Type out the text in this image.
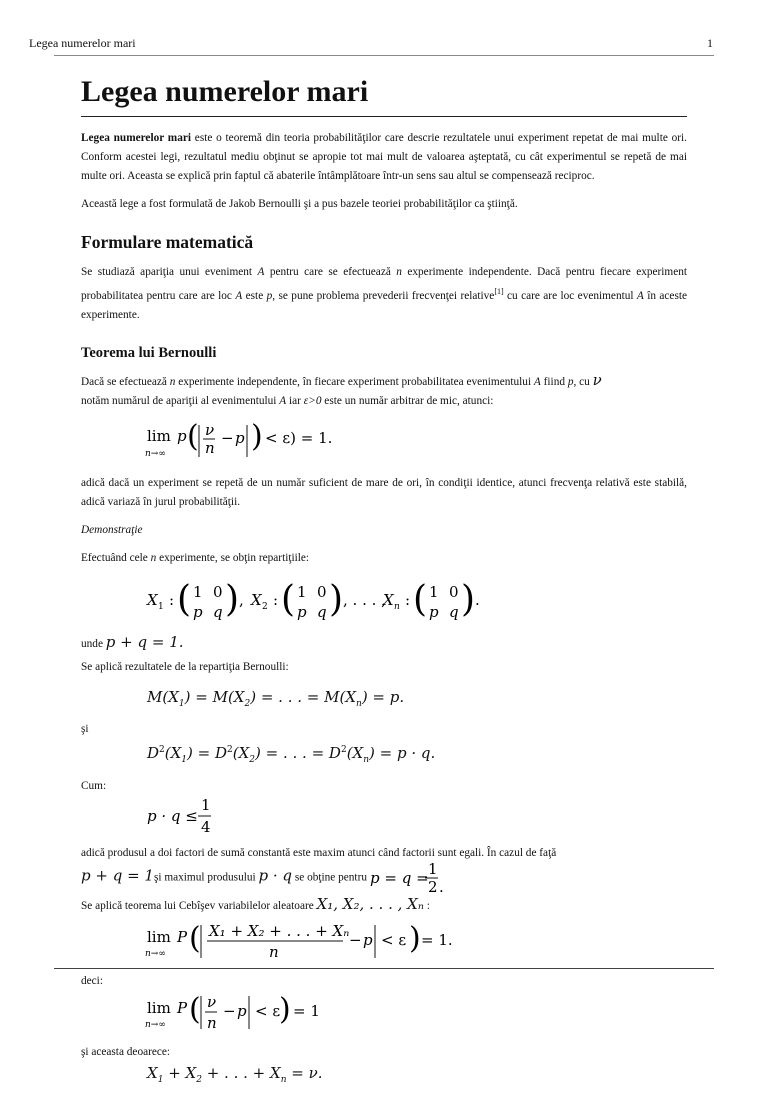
Legea numerelor mari	1
Legea numerelor mari

Legea numerelor mari este o teoremă din teoria probabilităţilor care descrie rezultatele unui experiment repetat de mai multe ori. Conform acestei legi, rezultatul mediu obţinut se apropie tot mai mult de valoarea aşteptată, cu cât experimentul se repetă de mai multe ori. Aceasta se explică prin faptul că abaterile întâmplătoare într-un sens sau altul se compensează reciproc.

Această lege a fost formulată de Jakob Bernoulli şi a pus bazele teoriei probabilităţilor ca ştiinţă.

Formulare matematică

Se studiază apariţia unui eveniment A pentru care se efectuează n experimente independente. Dacă pentru fiecare experiment probabilitatea pentru care are loc A este p, se pune problema prevederii frecvenţei relative[1] cu care are loc evenimentul A în aceste experimente.

Teorema lui Bernoulli

Dacă se efectuează n experimente independente, în fiecare experiment probabilitatea evenimentului A fiind p, cu ν
notăm numărul de apariţii al evenimentului A iar ε>0 este un număr arbitrar de mic, atunci:

lim
n→∞
p ( ν
n
− p ) < ε) = 1.

adică dacă un experiment se repetă de un număr suficient de mare de ori, în condiţii identice, atunci frecvenţa relativă este stabilă, adică variază în jurul probabilităţii.

Demonstraţie

Efectuând cele n experimente, se obţin repartiţiile:

X 1 : ( 1 0
p q ) , X 2 : ( 1 0
p q ) , . . . ,
X n : ( 1 0
p q ) .

unde p + q = 1.

Se aplică rezultatele de la repartiţia Bernoulli:

$M(X_1) = M(X_2)$ = . . . = $M(X_n) = p$.

şi

$D^2(X_1) = D^2(X_2)$ = . . . = $D^2(X_n) = p \cdot q$.

Cum:

p · q ≤
1
4

adică produsul a doi factori de sumă constantă este maxim atunci când factorii sunt egali. În cazul de faţă
p + q = 1şi maximul produsului p · q se obţine pentru p = q = 1
2 .

Se aplică teorema lui Cebîşev variabilelor aleatoare X₁, X₂, . . . , Xₙ :

lim
n→∞
P ( X₁ + X₂ + . . . + Xₙ
n
− p < ε ) = 1.

deci:

lim
n→∞
P ( ν
n
− p < ε
) = 1

şi aceasta deoarece:

$X_1 + X_2$ + . . . + $X_n = \nu$.
